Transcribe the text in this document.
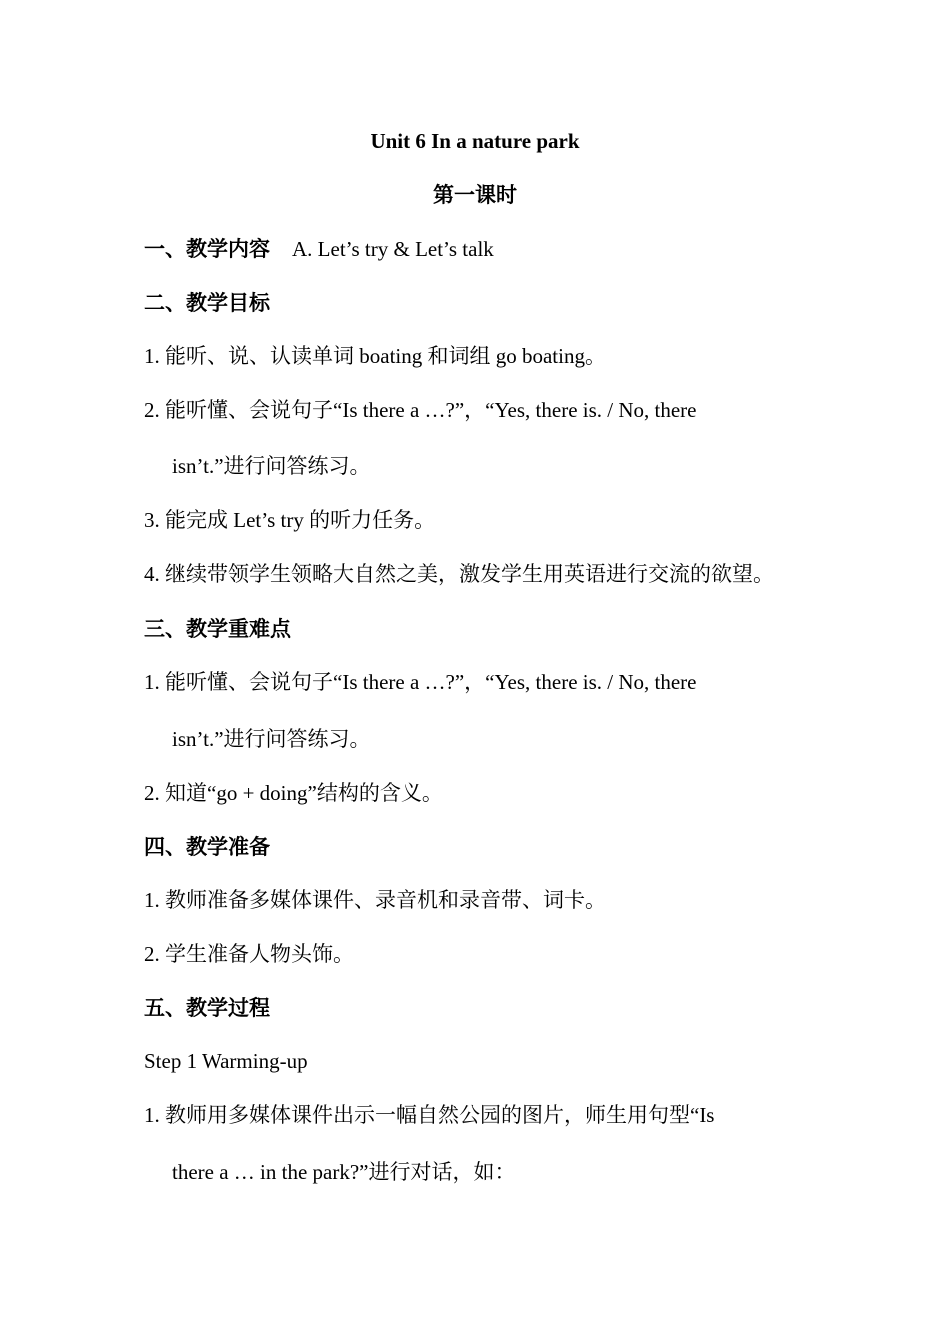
Unit 6 In a nature park
第一课时
一、教学内容 A. Let’s try & Let’s talk
二、教学目标
1. 能听、说、认读单词 boating 和词组 go boating。
2. 能听懂、会说句子“Is there a …?”，“Yes, there is. / No, there
isn’t.”进行问答练习。
3. 能完成 Let’s try 的听力任务。
4. 继续带领学生领略大自然之美，激发学生用英语进行交流的欲望。
三、教学重难点
1. 能听懂、会说句子“Is there a …?”，“Yes, there is. / No, there
isn’t.”进行问答练习。
2. 知道“go + doing”结构的含义。
四、教学准备
1. 教师准备多媒体课件、录音机和录音带、词卡。
2. 学生准备人物头饰。
五、教学过程
Step 1 Warming-up
1. 教师用多媒体课件出示一幅自然公园的图片，师生用句型“Is
there a … in the park?”进行对话，如：
